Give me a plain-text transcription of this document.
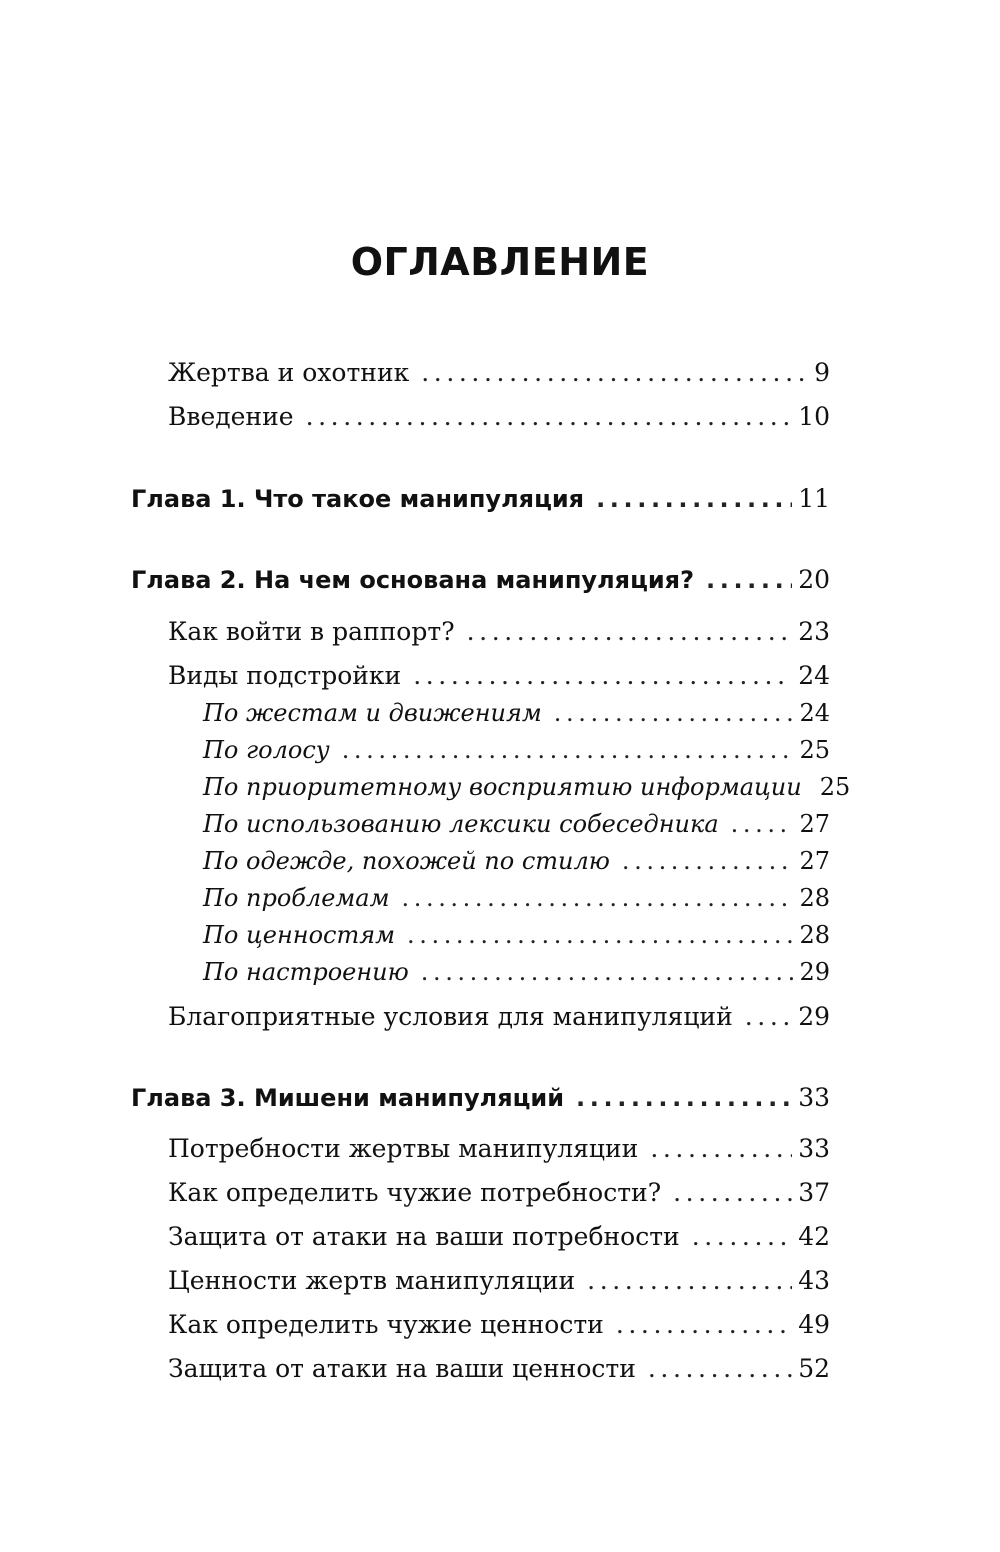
ОГЛАВЛЕНИЕ
Жертва и охотник .....	9
Введение .....	10
Глава 1. Что такое манипуляция .....	11
Глава 2. На чем основана манипуляция? .....	20
Как войти в раппорт? .....	23
Виды подстройки .....	24
По жестам и движениям .....	24
По голосу .....	25
По приоритетному восприятию информации 25
По использованию лексики собеседника .....	27
По одежде, похожей по стилю .....	27
По проблемам .....	28
По ценностям .....	28
По настроению .....	29
Благоприятные условия для манипуляций .....	29
Глава 3. Мишени манипуляций .....	33
Потребности жертвы манипуляции .....	33
Как определить чужие потребности? .....	37
Защита от атаки на ваши потребности .....	42
Ценности жертв манипуляции .....	43
Как определить чужие ценности .....	49
Защита от атаки на ваши ценности .....	52
